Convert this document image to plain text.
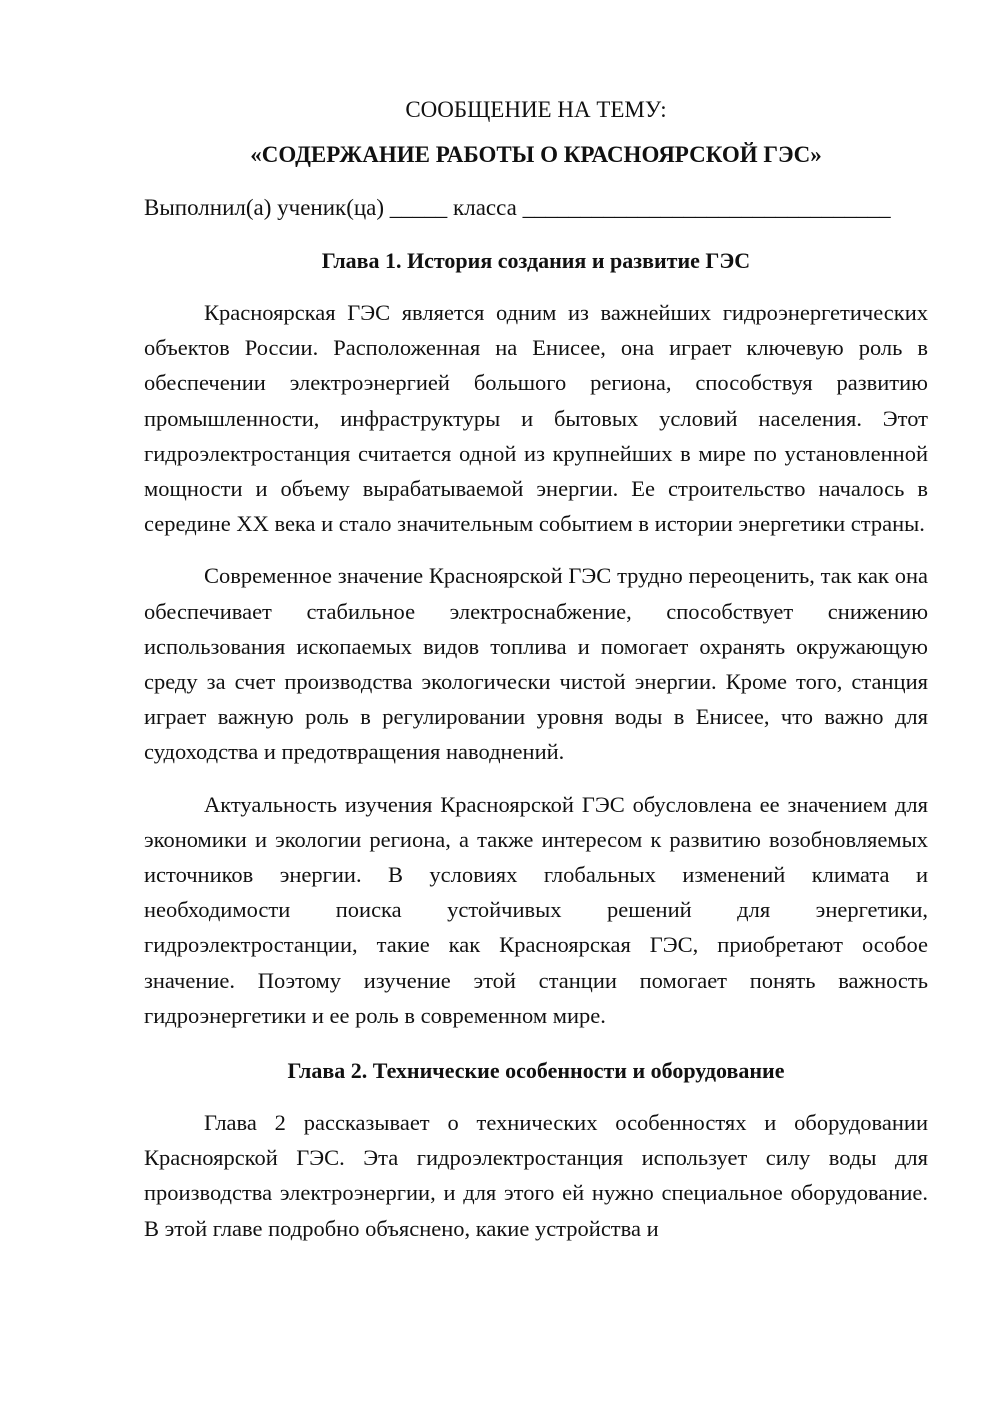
СООБЩЕНИЕ НА ТЕМУ:

«СОДЕРЖАНИЕ РАБОТЫ О КРАСНОЯРСКОЙ ГЭС»

Выполнил(а) ученик(ца) _____ класса ________________________________

Глава 1. История создания и развитие ГЭС

Красноярская ГЭС является одним из важнейших гидроэнергетических объектов России. Расположенная на Енисее, она играет ключевую роль в обеспечении электроэнергией большого региона, способствуя развитию промышленности, инфраструктуры и бытовых условий населения. Этот гидроэлектростанция считается одной из крупнейших в мире по установленной мощности и объему вырабатываемой энергии. Ее строительство началось в середине XX века и стало значительным событием в истории энергетики страны.

Современное значение Красноярской ГЭС трудно переоценить, так как она обеспечивает стабильное электроснабжение, способствует снижению использования ископаемых видов топлива и помогает охранять окружающую среду за счет производства экологически чистой энергии. Кроме того, станция играет важную роль в регулировании уровня воды в Енисее, что важно для судоходства и предотвращения наводнений.

Актуальность изучения Красноярской ГЭС обусловлена ее значением для экономики и экологии региона, а также интересом к развитию возобновляемых источников энергии. В условиях глобальных изменений климата и необходимости поиска устойчивых решений для энергетики, гидроэлектростанции, такие как Красноярская ГЭС, приобретают особое значение. Поэтому изучение этой станции помогает понять важность гидроэнергетики и ее роль в современном мире.

Глава 2. Технические особенности и оборудование

Глава 2 рассказывает о технических особенностях и оборудовании Красноярской ГЭС. Эта гидроэлектростанция использует силу воды для производства электроэнергии, и для этого ей нужно специальное оборудование. В этой главе подробно объяснено, какие устройства и
